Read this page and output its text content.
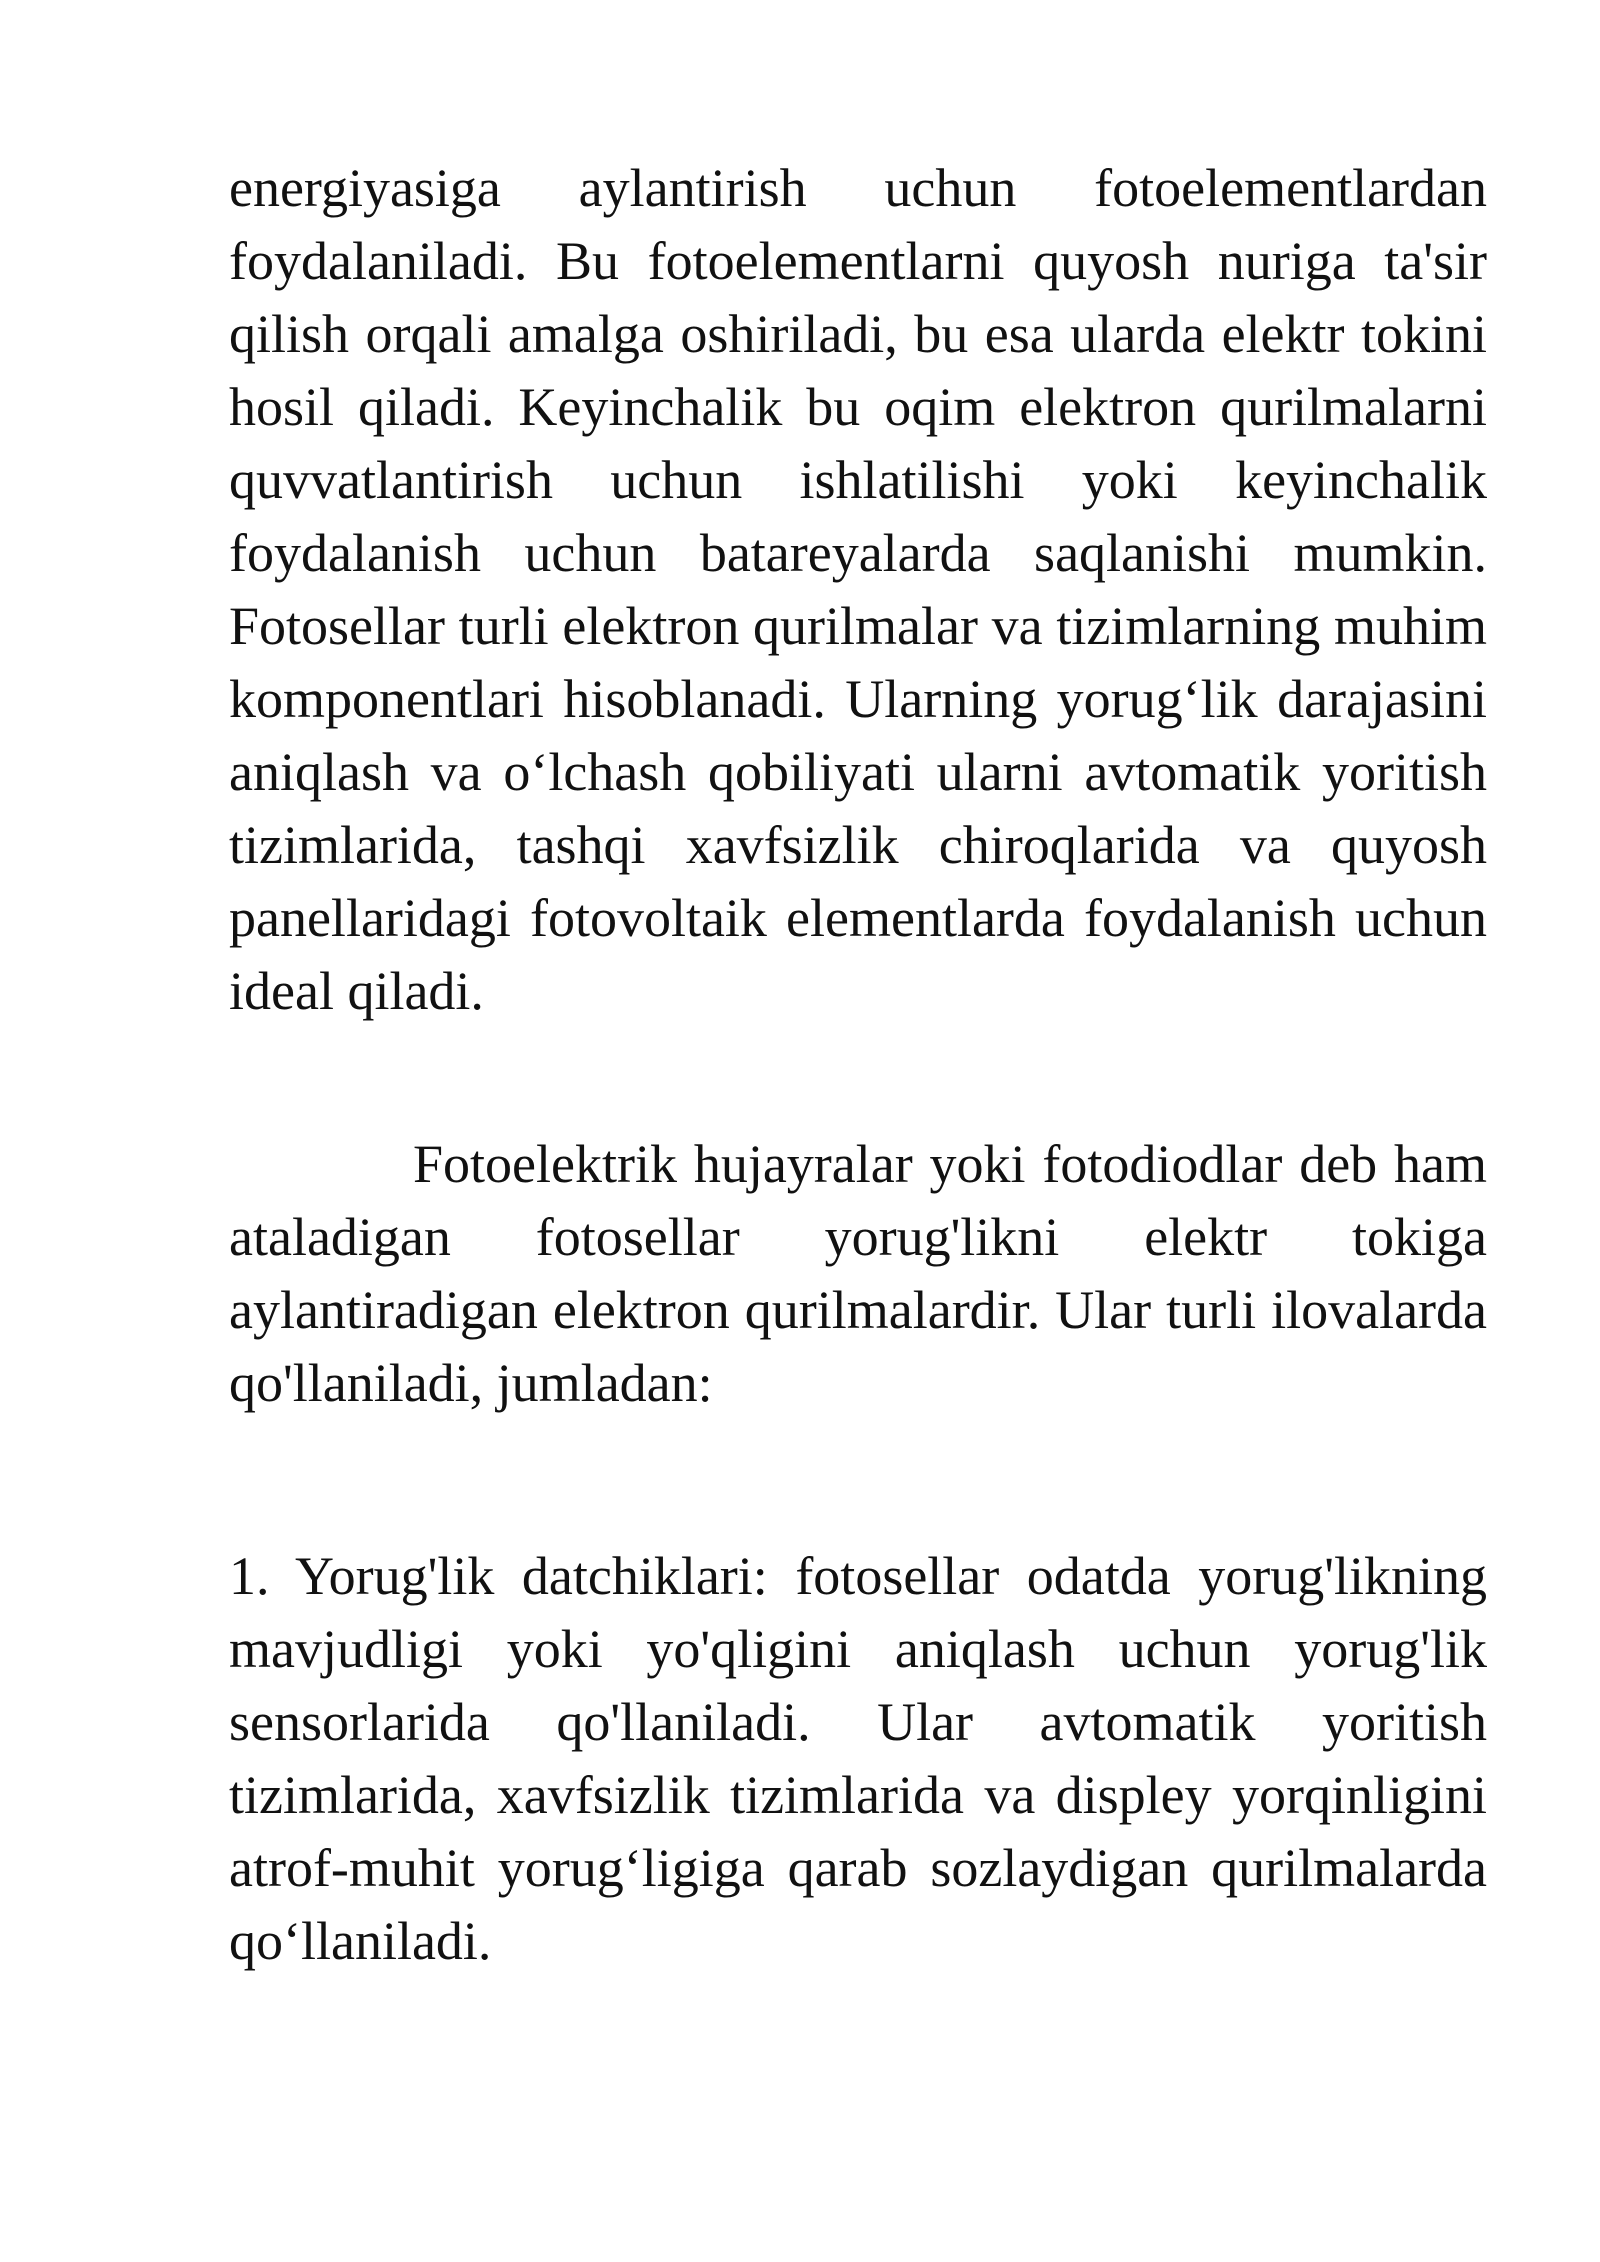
energiyasiga aylantirish uchun fotoelementlardan foydalaniladi. Bu fotoelementlarni quyosh nuriga ta'sir qilish orqali amalga oshiriladi, bu esa ularda elektr tokini hosil qiladi. Keyinchalik bu oqim elektron qurilmalarni quvvatlantirish uchun ishlatilishi yoki keyinchalik foydalanish uchun batareyalarda saqlanishi mumkin. Fotosellar turli elektron qurilmalar va tizimlarning muhim komponentlari hisoblanadi. Ularning yorug‘lik darajasini aniqlash va o‘lchash qobiliyati ularni avtomatik yoritish tizimlarida, tashqi xavfsizlik chiroqlarida va quyosh panellaridagi fotovoltaik elementlarda foydalanish uchun ideal qiladi.

Fotoelektrik hujayralar yoki fotodiodlar deb ham ataladigan fotosellar yorug'likni elektr tokiga aylantiradigan elektron qurilmalardir. Ular turli ilovalarda qo'llaniladi, jumladan:

1. Yorug'lik datchiklari: fotosellar odatda yorug'likning mavjudligi yoki yo'qligini aniqlash uchun yorug'lik sensorlarida qo'llaniladi. Ular avtomatik yoritish tizimlarida, xavfsizlik tizimlarida va displey yorqinligini atrof-muhit yorug‘ligiga qarab sozlaydigan qurilmalarda qo‘llaniladi.
